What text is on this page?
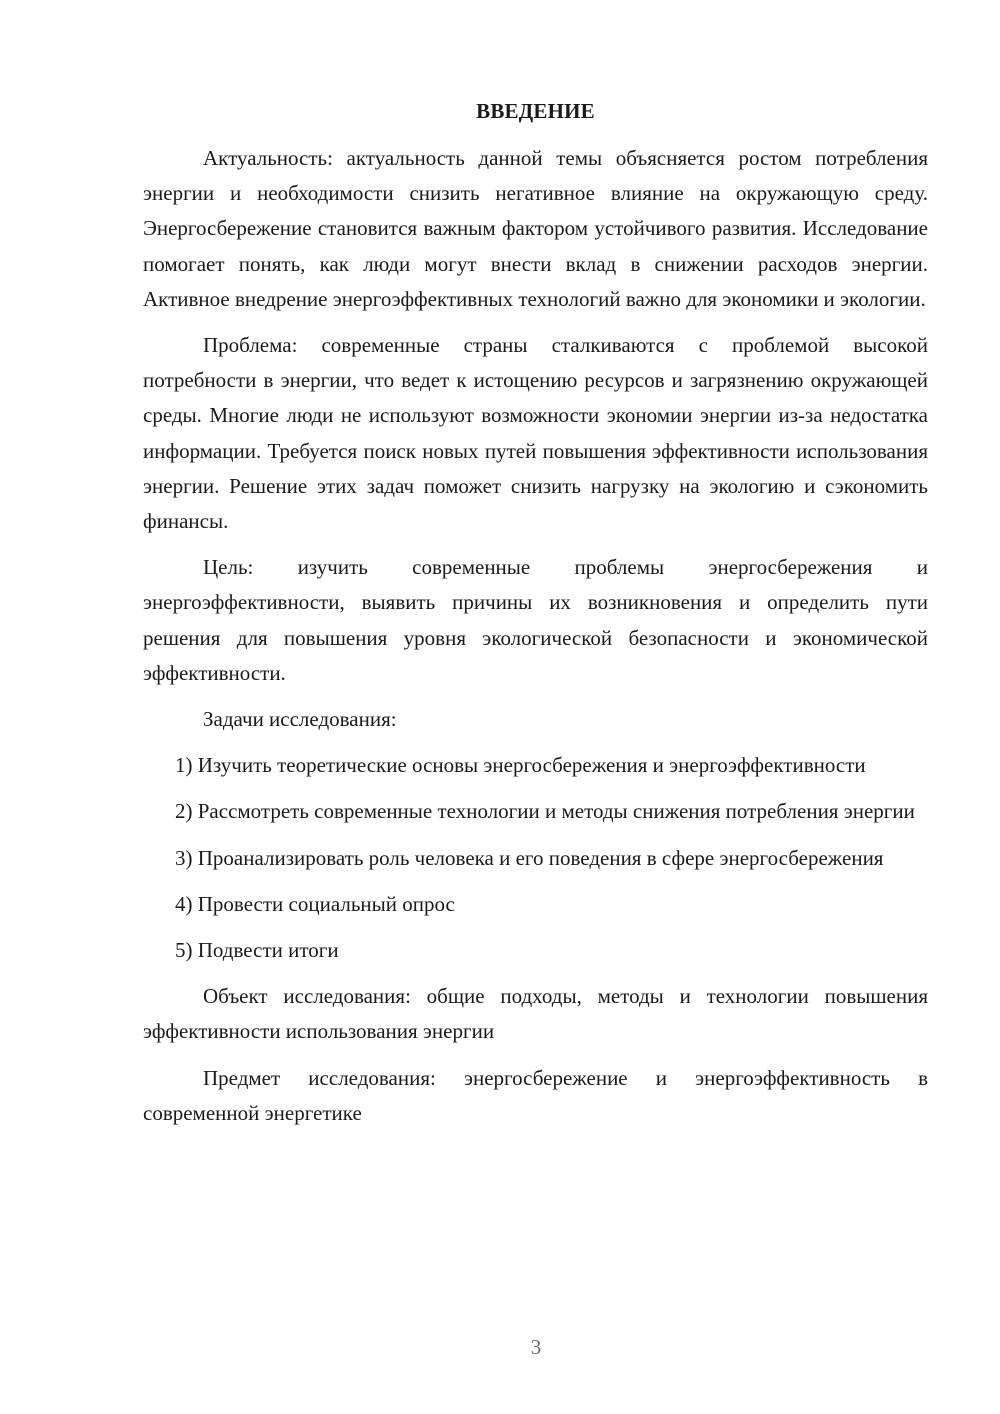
ВВЕДЕНИЕ

Актуальность: актуальность данной темы объясняется ростом потребления энергии и необходимости снизить негативное влияние на окружающую среду. Энергосбережение становится важным фактором устойчивого развития. Исследование помогает понять, как люди могут внести вклад в снижении расходов энергии. Активное внедрение энергоэффективных технологий важно для экономики и экологии.

Проблема: современные страны сталкиваются с проблемой высокой потребности в энергии, что ведет к истощению ресурсов и загрязнению окружающей среды. Многие люди не используют возможности экономии энергии из-за недостатка информации. Требуется поиск новых путей повышения эффективности использования энергии. Решение этих задач поможет снизить нагрузку на экологию и сэкономить финансы.

Цель: изучить современные проблемы энергосбережения и энергоэффективности, выявить причины их возникновения и определить пути решения для повышения уровня экологической безопасности и экономической эффективности.

Задачи исследования:

1) Изучить теоретические основы энергосбережения и энергоэффективности

2) Рассмотреть современные технологии и методы снижения потребления энергии

3) Проанализировать роль человека и его поведения в сфере энергосбережения

4) Провести социальный опрос

5) Подвести итоги

Объект исследования: общие подходы, методы и технологии повышения эффективности использования энергии

Предмет исследования: энергосбережение и энергоэффективность в современной энергетике

3
